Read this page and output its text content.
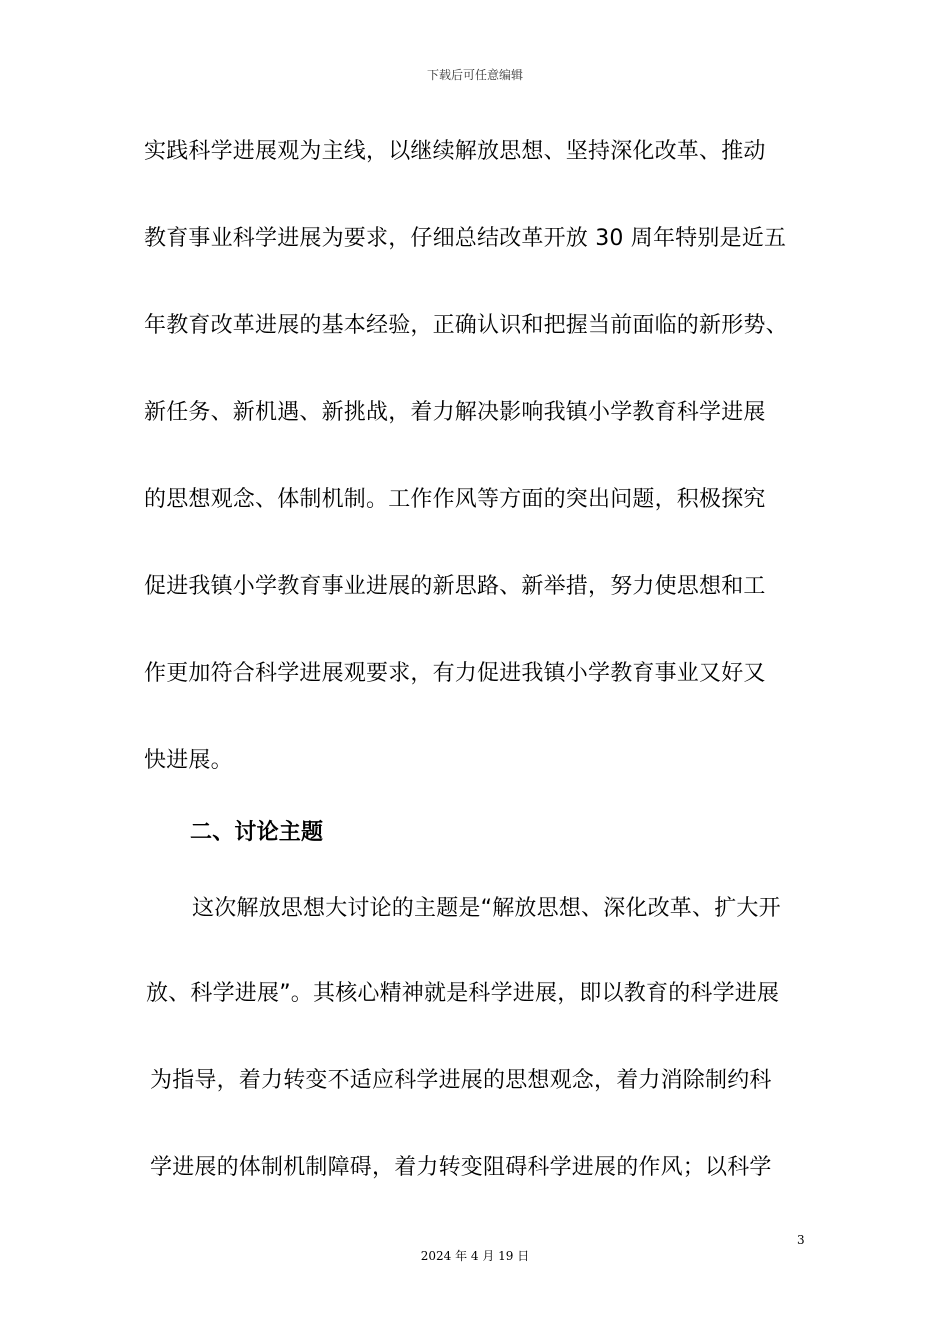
下载后可任意编辑
实践科学进展观为主线，以继续解放思想、坚持深化改革、推动
教育事业科学进展为要求，仔细总结改革开放 30 周年特别是近五
年教育改革进展的基本经验，正确认识和把握当前面临的新形势、
新任务、新机遇、新挑战，着力解决影响我镇小学教育科学进展
的思想观念、体制机制。工作作风等方面的突出问题，积极探究
促进我镇小学教育事业进展的新思路、新举措，努力使思想和工
作更加符合科学进展观要求，有力促进我镇小学教育事业又好又
快进展。
二、讨论主题
这次解放思想大讨论的主题是“解放思想、深化改革、扩大开
放、科学进展”。其核心精神就是科学进展，即以教育的科学进展
为指导，着力转变不适应科学进展的思想观念，着力消除制约科
学进展的体制机制障碍，着力转变阻碍科学进展的作风；以科学
3
2024 年 4 月 19 日
